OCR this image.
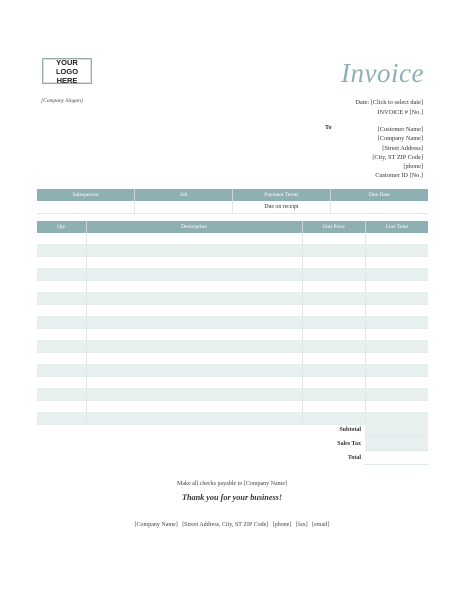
YOUR LOGO HERE	Invoice
[Company Slogan]	Date: [Click to select date]
INVOICE # [No.]
To	[Customer Name]
[Company Name]
[Street Address]
[City, ST ZIP Code]
[phone]
Customer ID [No.]
Salesperson	Job	Payment Terms	Due Date
		Due on receipt	
Qty	Description	Unit Price	Line Total

Subtotal	
Sales Tax	
Total	
Make all checks payable to [Company Name]
Thank you for your business!
[Company Name] [Street Address, City, ST ZIP Code] [phone] [fax] [email]
